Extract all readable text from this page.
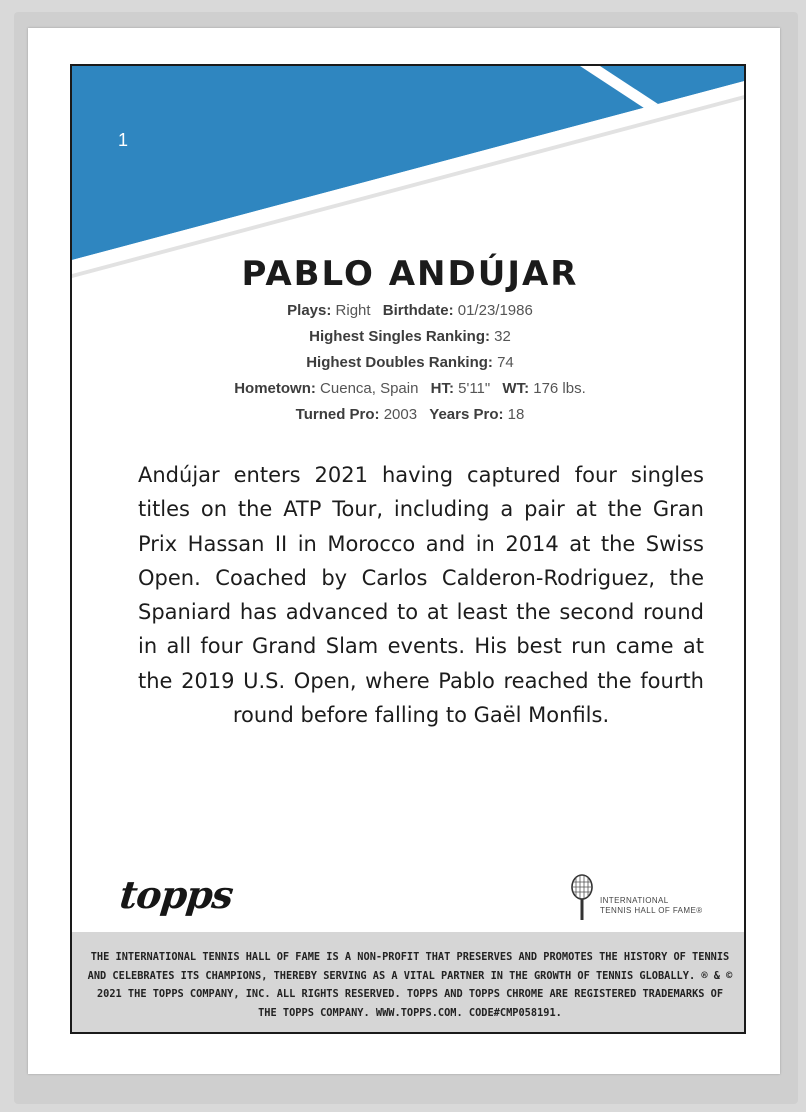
1
PABLO ANDÚJAR
Plays: Right Birthdate: 01/23/1986
Highest Singles Ranking: 32
Highest Doubles Ranking: 74
Hometown: Cuenca, Spain HT: 5'11" WT: 176 lbs.
Turned Pro: 2003 Years Pro: 18
Andújar enters 2021 having captured four singles titles on the ATP Tour, including a pair at the Gran Prix Hassan II in Morocco and in 2014 at the Swiss Open. Coached by Carlos Calderon-Rodriguez, the Spaniard has advanced to at least the second round in all four Grand Slam events. His best run came at the 2019 U.S. Open, where Pablo reached the fourth round before falling to Gaël Monfils.
topps	INTERNATIONAL
TENNIS HALL OF FAME®
THE INTERNATIONAL TENNIS HALL OF FAME IS A NON-PROFIT THAT PRESERVES AND PROMOTES THE HISTORY OF TENNIS
AND CELEBRATES ITS CHAMPIONS, THEREBY SERVING AS A VITAL PARTNER IN THE GROWTH OF TENNIS GLOBALLY. ® & ©
2021 THE TOPPS COMPANY, INC. ALL RIGHTS RESERVED. TOPPS AND TOPPS CHROME ARE REGISTERED TRADEMARKS OF
THE TOPPS COMPANY. WWW.TOPPS.COM. CODE#CMP058191.
